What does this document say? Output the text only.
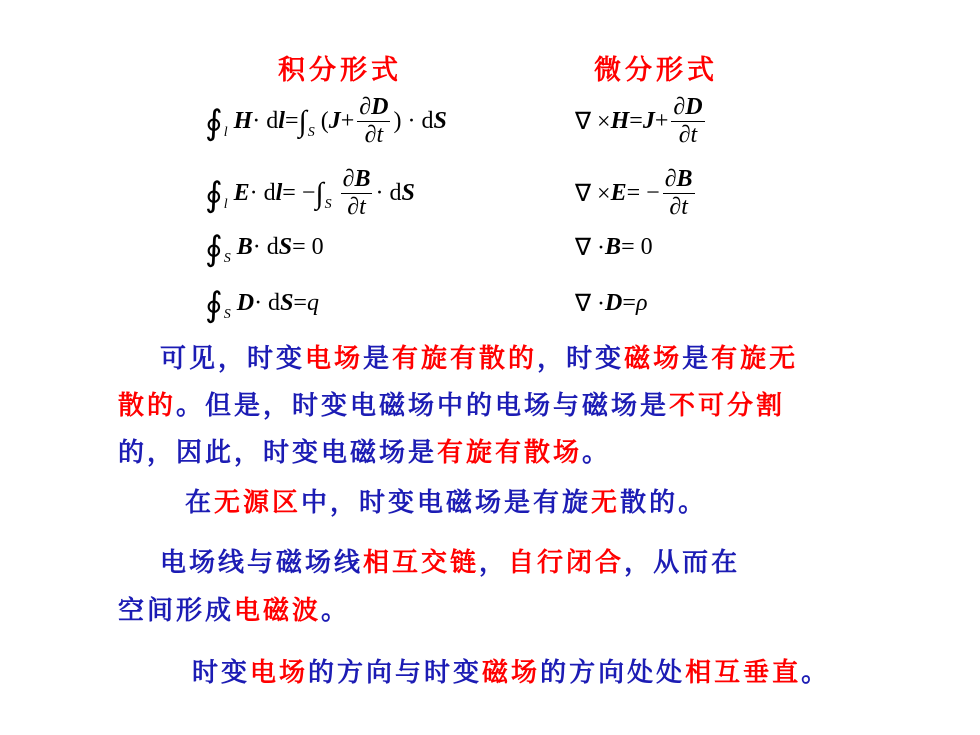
积分形式	微分形式
∮ l H · d l = ∫ S ( $J + \frac{\partial D}{\partial t}$ ) · d S
∮ l E · d l = − ∫ S $\frac{\partial B}{\partial t} \cdot d$ S
∮ S B · d S = 0
∮ S D · d S = q
∇ × $H = J + \frac{\partial D}{\partial t}$
∇ × E = − $\frac{\partial B}{\partial t}$
∇ · B = 0
∇ · D = ρ
可见，时变电场是有旋有散的，时变磁场是有旋无
散的。但是，时变电磁场中的电场与磁场是不可分割
的，因此，时变电磁场是有旋有散场。
在无源区中，时变电磁场是有旋无散的。
电场线与磁场线相互交链，自行闭合，从而在
空间形成电磁波。
时变电场的方向与时变磁场的方向处处相互垂直。
